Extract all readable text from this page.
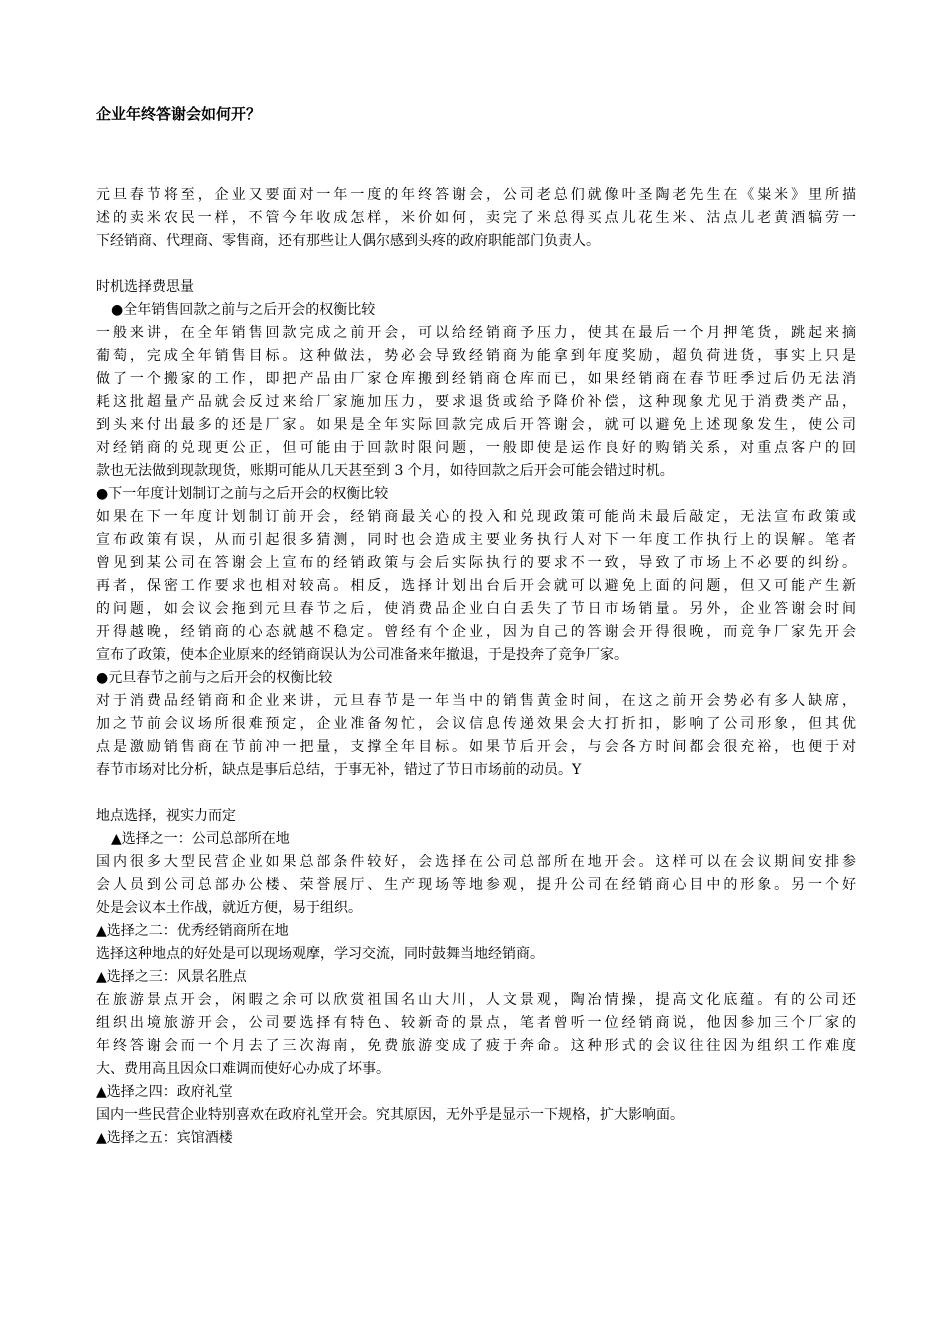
企业年终答谢会如何开？
元旦春节将至，企业又要面对一年一度的年终答谢会，公司老总们就像叶圣陶老先生在《粜米》里所描
述的卖米农民一样，不管今年收成怎样，米价如何，卖完了米总得买点儿花生米、沽点儿老黄酒犒劳一
下经销商、代理商、零售商，还有那些让人偶尔感到头疼的政府职能部门负责人。
时机选择费思量
●全年销售回款之前与之后开会的权衡比较
一般来讲，在全年销售回款完成之前开会，可以给经销商予压力，使其在最后一个月押笔货，跳起来摘
葡萄，完成全年销售目标。这种做法，势必会导致经销商为能拿到年度奖励，超负荷进货，事实上只是
做了一个搬家的工作，即把产品由厂家仓库搬到经销商仓库而已，如果经销商在春节旺季过后仍无法消
耗这批超量产品就会反过来给厂家施加压力，要求退货或给予降价补偿，这种现象尤见于消费类产品，
到头来付出最多的还是厂家。如果是全年实际回款完成后开答谢会，就可以避免上述现象发生，使公司
对经销商的兑现更公正，但可能由于回款时限问题，一般即使是运作良好的购销关系，对重点客户的回
款也无法做到现款现货，账期可能从几天甚至到 3 个月，如待回款之后开会可能会错过时机。
●下一年度计划制订之前与之后开会的权衡比较
如果在下一年度计划制订前开会，经销商最关心的投入和兑现政策可能尚未最后敲定，无法宣布政策或
宣布政策有误，从而引起很多猜测，同时也会造成主要业务执行人对下一年度工作执行上的误解。笔者
曾见到某公司在答谢会上宣布的经销政策与会后实际执行的要求不一致，导致了市场上不必要的纠纷。
再者，保密工作要求也相对较高。相反，选择计划出台后开会就可以避免上面的问题，但又可能产生新
的问题，如会议会拖到元旦春节之后，使消费品企业白白丢失了节日市场销量。另外，企业答谢会时间
开得越晚，经销商的心态就越不稳定。曾经有个企业，因为自己的答谢会开得很晚，而竞争厂家先开会
宣布了政策，使本企业原来的经销商误认为公司准备来年撤退，于是投奔了竞争厂家。
●元旦春节之前与之后开会的权衡比较
对于消费品经销商和企业来讲，元旦春节是一年当中的销售黄金时间，在这之前开会势必有多人缺席，
加之节前会议场所很难预定，企业准备匆忙，会议信息传递效果会大打折扣，影响了公司形象，但其优
点是激励销售商在节前冲一把量，支撑全年目标。如果节后开会，与会各方时间都会很充裕，也便于对
春节市场对比分析，缺点是事后总结，于事无补，错过了节日市场前的动员。Y
地点选择，视实力而定
▲选择之一：公司总部所在地
国内很多大型民营企业如果总部条件较好，会选择在公司总部所在地开会。这样可以在会议期间安排参
会人员到公司总部办公楼、荣誉展厅、生产现场等地参观，提升公司在经销商心目中的形象。另一个好
处是会议本土作战，就近方便，易于组织。
▲选择之二：优秀经销商所在地
选择这种地点的好处是可以现场观摩，学习交流，同时鼓舞当地经销商。
▲选择之三：风景名胜点
在旅游景点开会，闲暇之余可以欣赏祖国名山大川，人文景观，陶冶情操，提高文化底蕴。有的公司还
组织出境旅游开会，公司要选择有特色、较新奇的景点，笔者曾听一位经销商说，他因参加三个厂家的
年终答谢会而一个月去了三次海南，免费旅游变成了疲于奔命。这种形式的会议往往因为组织工作难度
大、费用高且因众口难调而使好心办成了坏事。
▲选择之四：政府礼堂
国内一些民营企业特别喜欢在政府礼堂开会。究其原因，无外乎是显示一下规格，扩大影响面。
▲选择之五：宾馆酒楼
